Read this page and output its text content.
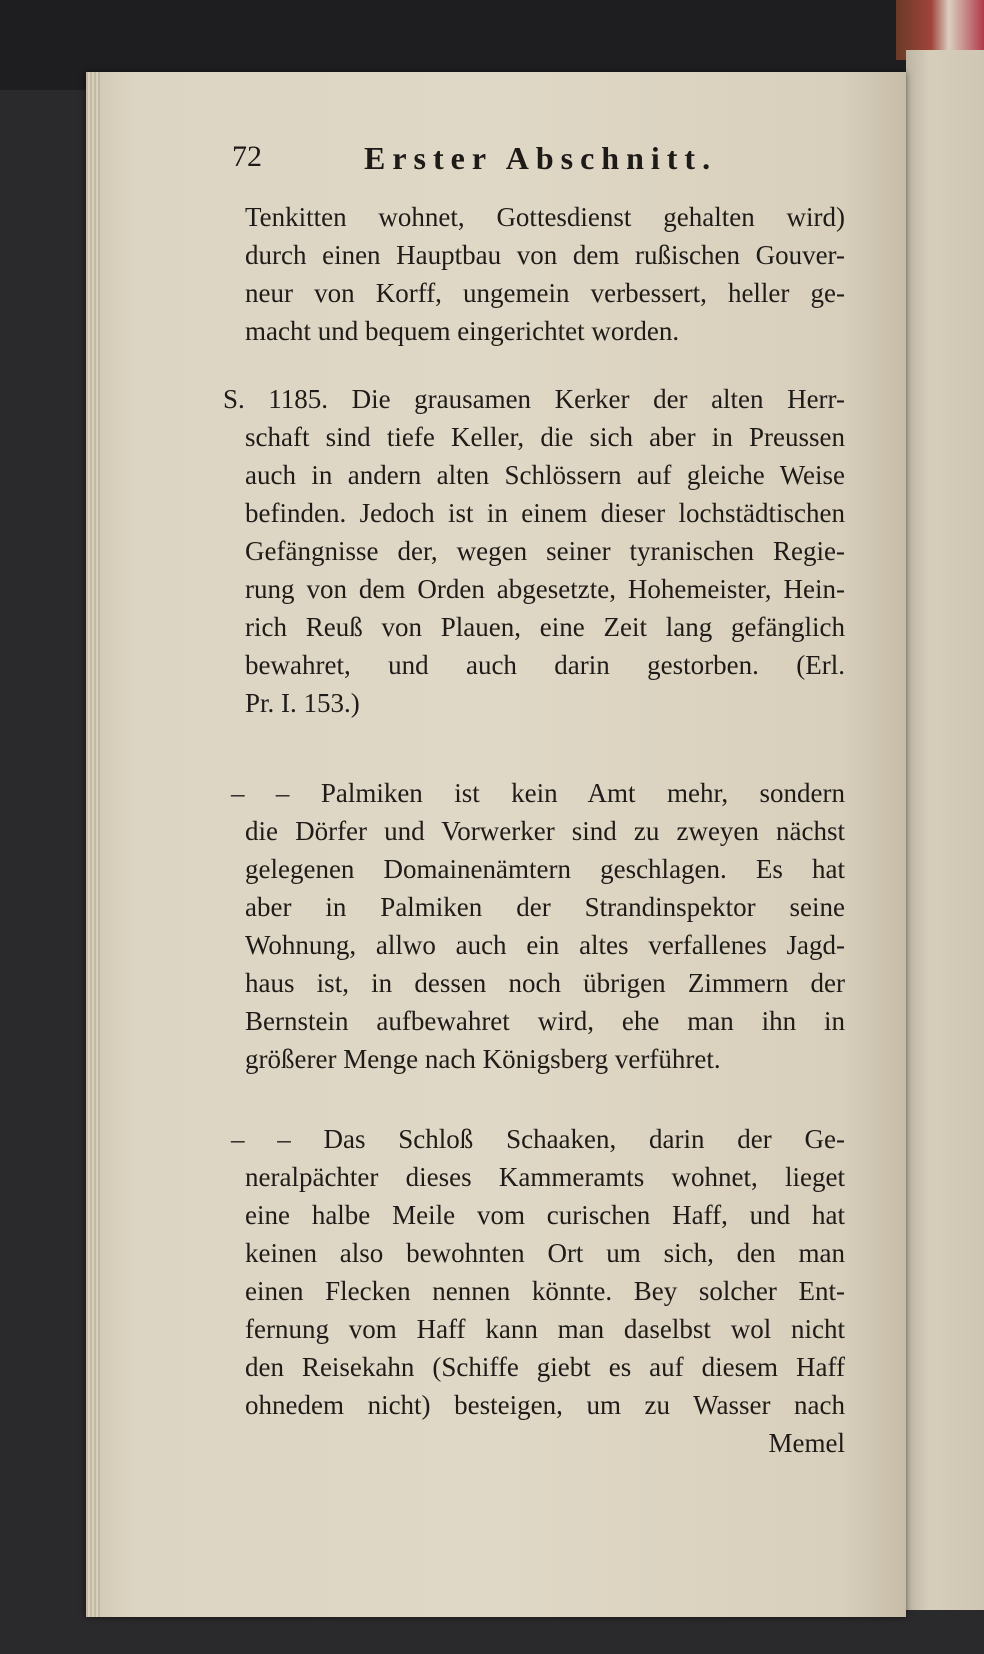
72	Erster Abschnitt.
Tenkitten wohnet, Gottesdienst gehalten wird)
durch einen Hauptbau von dem rußischen Gouver-
neur von Korff, ungemein verbessert, heller ge-
macht und bequem eingerichtet worden.
S. 1185. Die grausamen Kerker der alten Herr-
schaft sind tiefe Keller, die sich aber in Preussen
auch in andern alten Schlössern auf gleiche Weise
befinden. Jedoch ist in einem dieser lochstädtischen
Gefängnisse der, wegen seiner tyranischen Regie-
rung von dem Orden abgesetzte, Hohemeister, Hein-
rich Reuß von Plauen, eine Zeit lang gefänglich
bewahret, und auch darin gestorben. (Erl.
Pr. I. 153.)
– – Palmiken ist kein Amt mehr, sondern
die Dörfer und Vorwerker sind zu zweyen nächst
gelegenen Domainenämtern geschlagen. Es hat
aber in Palmiken der Strandinspektor seine
Wohnung, allwo auch ein altes verfallenes Jagd-
haus ist, in dessen noch übrigen Zimmern der
Bernstein aufbewahret wird, ehe man ihn in
größerer Menge nach Königsberg verführet.
– – Das Schloß Schaaken, darin der Ge-
neralpächter dieses Kammeramts wohnet, lieget
eine halbe Meile vom curischen Haff, und hat
keinen also bewohnten Ort um sich, den man
einen Flecken nennen könnte. Bey solcher Ent-
fernung vom Haff kann man daselbst wol nicht
den Reisekahn (Schiffe giebt es auf diesem Haff
ohnedem nicht) besteigen, um zu Wasser nach
Memel
